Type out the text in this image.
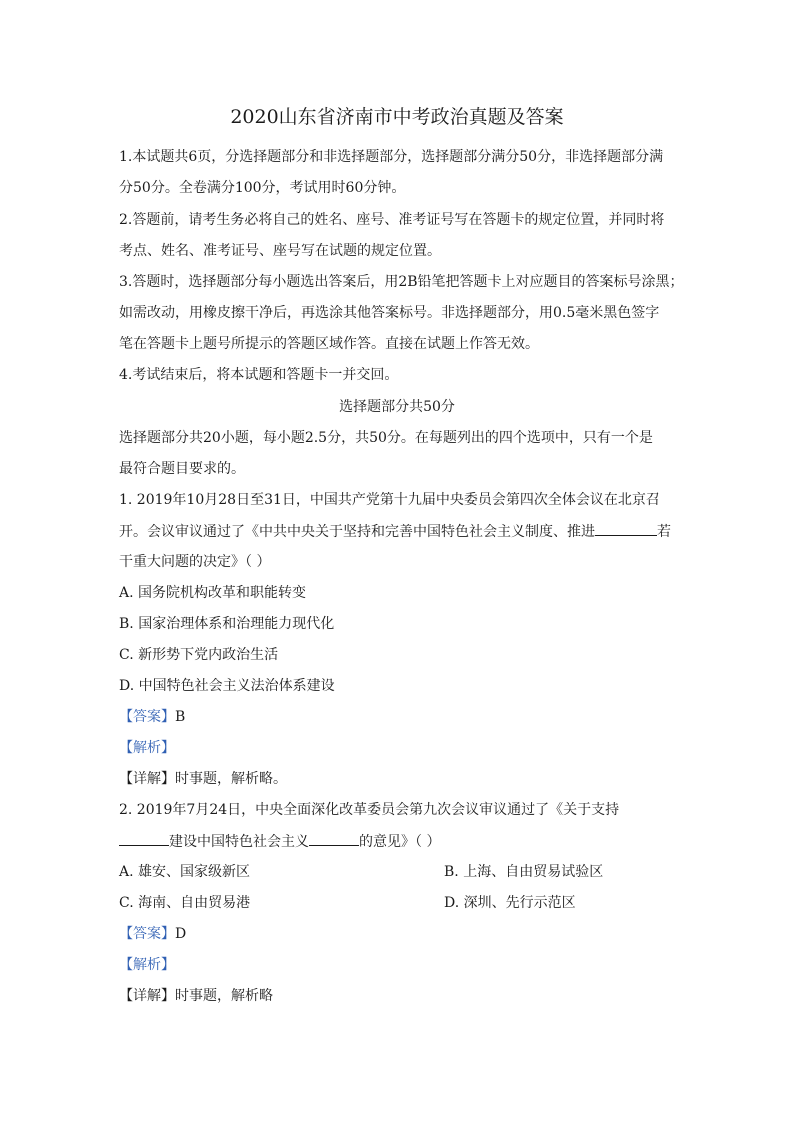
2020山东省济南市中考政治真题及答案
1.本试题共6页，分选择题部分和非选择题部分，选择题部分满分50分，非选择题部分满
分50分。全卷满分100分，考试用时60分钟。
2.答题前，请考生务必将自己的姓名、座号、准考证号写在答题卡的规定位置，并同时将
考点、姓名、准考证号、座号写在试题的规定位置。
3.答题时，选择题部分每小题选出答案后，用2B铅笔把答题卡上对应题目的答案标号涂黑；
如需改动，用橡皮擦干净后，再选涂其他答案标号。非选择题部分，用0.5毫米黑色签字
笔在答题卡上题号所提示的答题区域作答。直接在试题上作答无效。
4.考试结束后，将本试题和答题卡一并交回。
选择题部分共50分
选择题部分共20小题，每小题2.5分，共50分。在每题列出的四个选项中，只有一个是
最符合题目要求的。
1. 2019年10月28日至31日，中国共产党第十九届中央委员会第四次全体会议在北京召
开。会议审议通过了《中共中央关于坚持和完善中国特色社会主义制度、推进	若
干重大问题的决定》（ ）
A. 国务院机构改革和职能转变
B. 国家治理体系和治理能力现代化
C. 新形势下党内政治生活
D. 中国特色社会主义法治体系建设
【答案】B
【解析】
【详解】时事题，解析略。
2. 2019年7月24日，中央全面深化改革委员会第九次会议审议通过了《关于支持
建设中国特色社会主义	的意见》（ ）
A. 雄安、国家级新区	B. 上海、自由贸易试验区
C. 海南、自由贸易港	D. 深圳、先行示范区
【答案】D
【解析】
【详解】时事题，解析略
